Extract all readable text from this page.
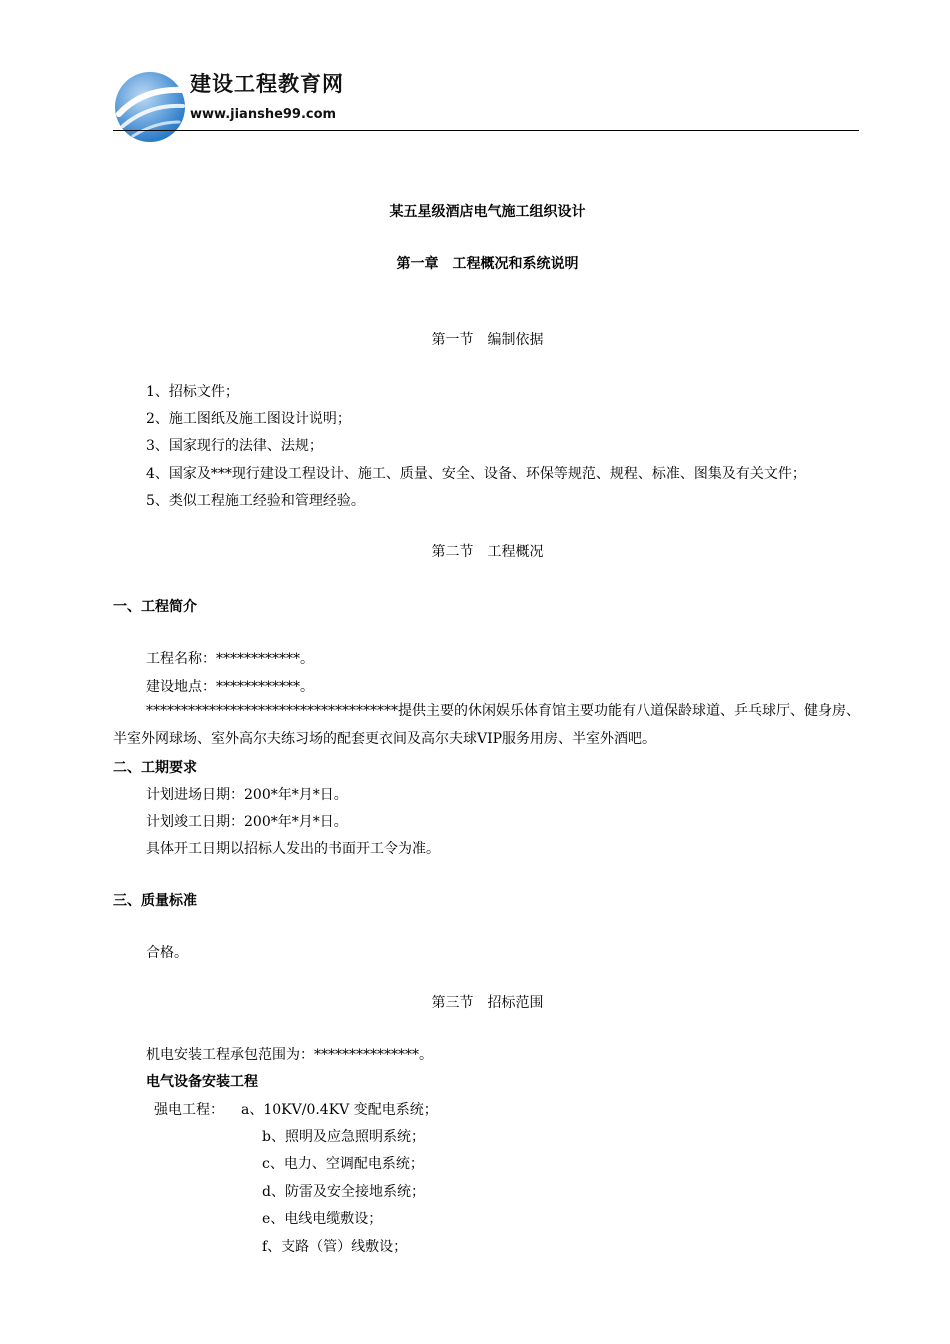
建设工程教育网
www.jianshe99.com
某五星级酒店电气施工组织设计
第一章　工程概况和系统说明
第一节　编制依据
1、招标文件；
2、施工图纸及施工图设计说明；
3、国家现行的法律、法规；
4、国家及***现行建设工程设计、施工、质量、安全、设备、环保等规范、规程、标准、图集及有关文件；
5、类似工程施工经验和管理经验。
第二节　工程概况
一、工程简介
工程名称：************。
建设地点：************。
************************************提供主要的休闲娱乐体育馆主要功能有八道保龄球道、乒乓球厅、健身房、半室外网球场、室外高尔夫练习场的配套更衣间及高尔夫球VIP服务用房、半室外酒吧。
二、工期要求
计划进场日期：200*年*月*日。
计划竣工日期：200*年*月*日。
具体开工日期以招标人发出的书面开工令为准。
三、质量标准
合格。
第三节　招标范围
机电安装工程承包范围为：***************。
电气设备安装工程
强电工程： a、10KV/0.4KV 变配电系统；
b、照明及应急照明系统；
c、电力、空调配电系统；
d、防雷及安全接地系统；
e、电线电缆敷设；
f、支路（管）线敷设；
